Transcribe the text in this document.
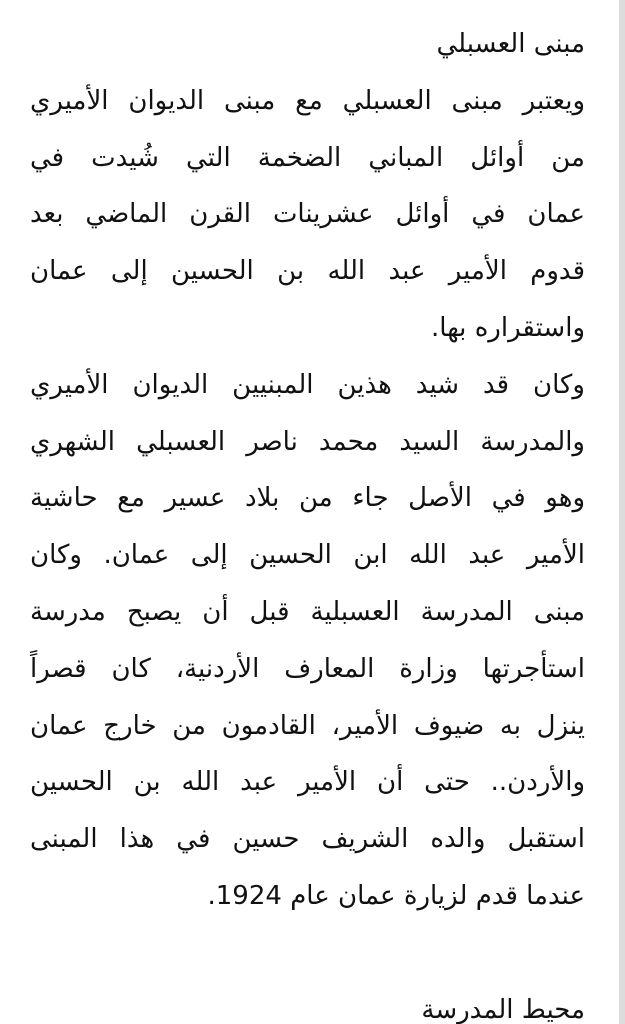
مبنى العسبلي
ويعتبر مبنى العسبلي مع مبنى الديوان الأميري
من أوائل المباني الضخمة التي شُيدت في
عمان في أوائل عشرينات القرن الماضي بعد
قدوم الأمير عبد الله بن الحسين إلى عمان
واستقراره بها.
وكان قد شيد هذين المبنيين الديوان الأميري
والمدرسة السيد محمد ناصر العسبلي الشهري
وهو في الأصل جاء من بلاد عسير مع حاشية
الأمير عبد الله ابن الحسين إلى عمان. وكان
مبنى المدرسة العسبلية قبل أن يصبح مدرسة
استأجرتها وزارة المعارف الأردنية، كان قصراً
ينزل به ضيوف الأمير، القادمون من خارج عمان
والأردن.. حتى أن الأمير عبد الله بن الحسين
استقبل والده الشريف حسين في هذا المبنى
عندما قدم لزيارة عمان عام 1924.
محيط المدرسة
